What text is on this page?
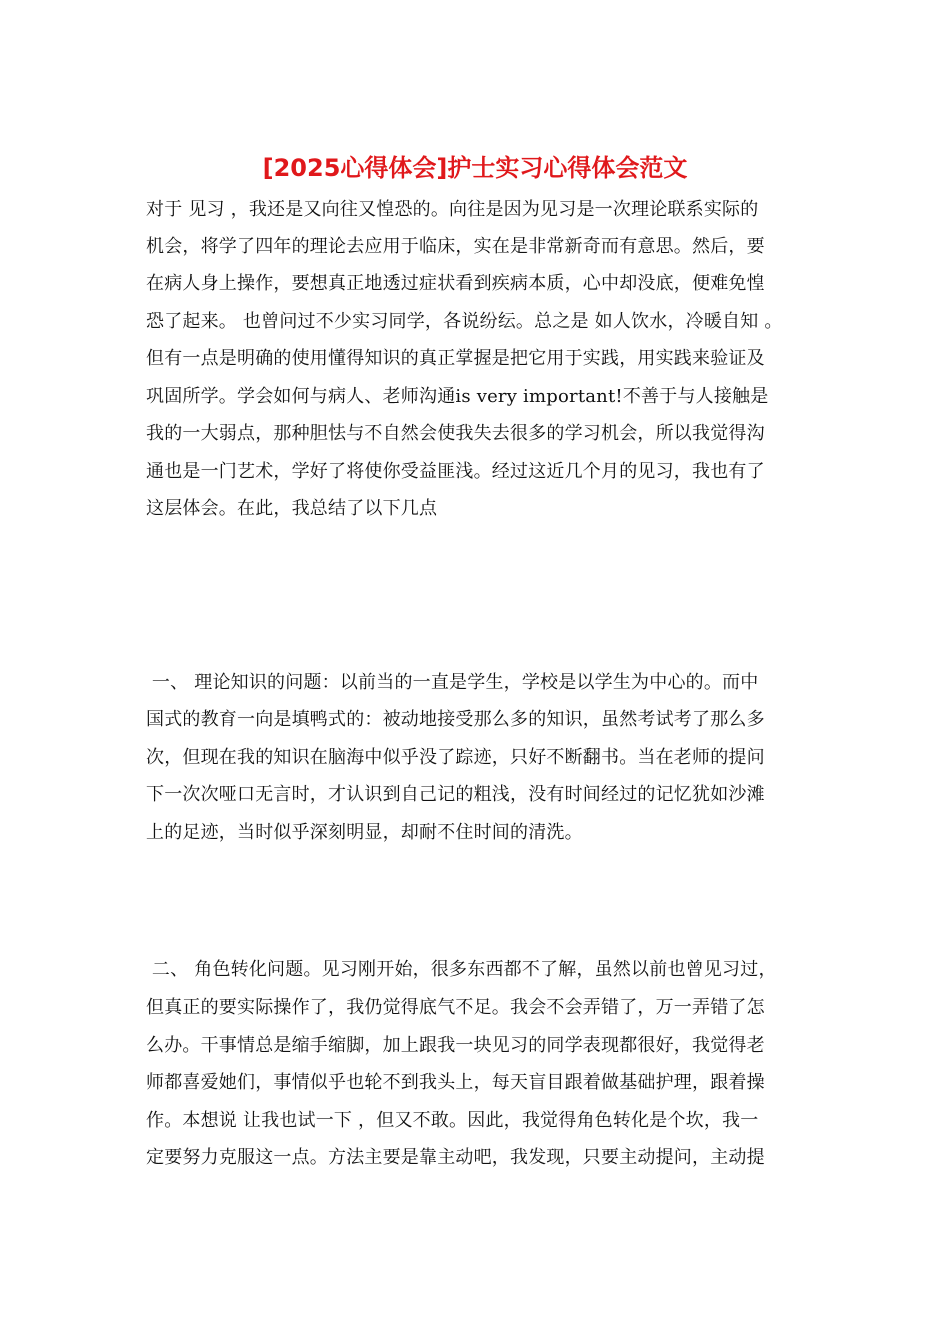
[2025心得体会]护士实习心得体会范文
对于 见习 ，我还是又向往又惶恐的。向往是因为见习是一次理论联系实际的
机会，将学了四年的理论去应用于临床，实在是非常新奇而有意思。然后，要
在病人身上操作，要想真正地透过症状看到疾病本质，心中却没底，便难免惶
恐了起来。 也曾问过不少实习同学，各说纷纭。总之是 如人饮水，冷暖自知 。
但有一点是明确的使用懂得知识的真正掌握是把它用于实践，用实践来验证及
巩固所学。学会如何与病人、老师沟通is very important!不善于与人接触是
我的一大弱点，那种胆怯与不自然会使我失去很多的学习机会，所以我觉得沟
通也是一门艺术，学好了将使你受益匪浅。经过这近几个月的见习，我也有了
这层体会。在此，我总结了以下几点
一、 理论知识的问题：以前当的一直是学生，学校是以学生为中心的。而中
国式的教育一向是填鸭式的：被动地接受那么多的知识，虽然考试考了那么多
次，但现在我的知识在脑海中似乎没了踪迹，只好不断翻书。当在老师的提问
下一次次哑口无言时，才认识到自己记的粗浅，没有时间经过的记忆犹如沙滩
上的足迹，当时似乎深刻明显，却耐不住时间的清洗。
二、 角色转化问题。见习刚开始，很多东西都不了解，虽然以前也曾见习过，
但真正的要实际操作了，我仍觉得底气不足。我会不会弄错了，万一弄错了怎
么办。干事情总是缩手缩脚，加上跟我一块见习的同学表现都很好，我觉得老
师都喜爱她们，事情似乎也轮不到我头上，每天盲目跟着做基础护理，跟着操
作。本想说 让我也试一下 ，但又不敢。因此，我觉得角色转化是个坎，我一
定要努力克服这一点。方法主要是靠主动吧，我发现，只要主动提问，主动提
